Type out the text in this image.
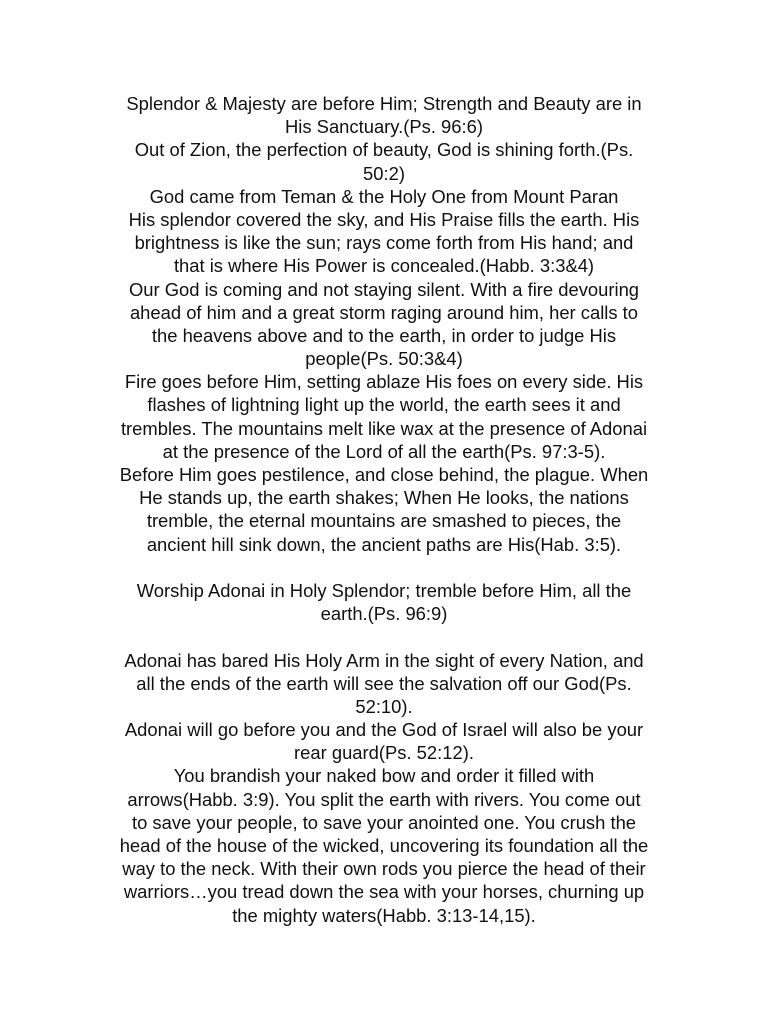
Splendor & Majesty are before Him; Strength and Beauty are in
His Sanctuary.(Ps. 96:6)
Out of Zion, the perfection of beauty, God is shining forth.(Ps.
50:2)
God came from Teman & the Holy One from Mount Paran
His splendor covered the sky, and His Praise fills the earth. His
brightness is like the sun; rays come forth from His hand; and
that is where His Power is concealed.(Habb. 3:3&4)
Our God is coming and not staying silent. With a fire devouring
ahead of him and a great storm raging around him, her calls to
the heavens above and to the earth, in order to judge His
people(Ps. 50:3&4)
Fire goes before Him, setting ablaze His foes on every side. His
flashes of lightning light up the world, the earth sees it and
trembles. The mountains melt like wax at the presence of Adonai
at the presence of the Lord of all the earth(Ps. 97:3-5).
Before Him goes pestilence, and close behind, the plague. When
He stands up, the earth shakes; When He looks, the nations
tremble, the eternal mountains are smashed to pieces, the
ancient hill sink down, the ancient paths are His(Hab. 3:5).
Worship Adonai in Holy Splendor; tremble before Him, all the
earth.(Ps. 96:9)
Adonai has bared His Holy Arm in the sight of every Nation, and
all the ends of the earth will see the salvation off our God(Ps.
52:10).
Adonai will go before you and the God of Israel will also be your
rear guard(Ps. 52:12).
You brandish your naked bow and order it filled with
arrows(Habb. 3:9). You split the earth with rivers. You come out
to save your people, to save your anointed one. You crush the
head of the house of the wicked, uncovering its foundation all the
way to the neck. With their own rods you pierce the head of their
warriors…you tread down the sea with your horses, churning up
the mighty waters(Habb. 3:13-14,15).
